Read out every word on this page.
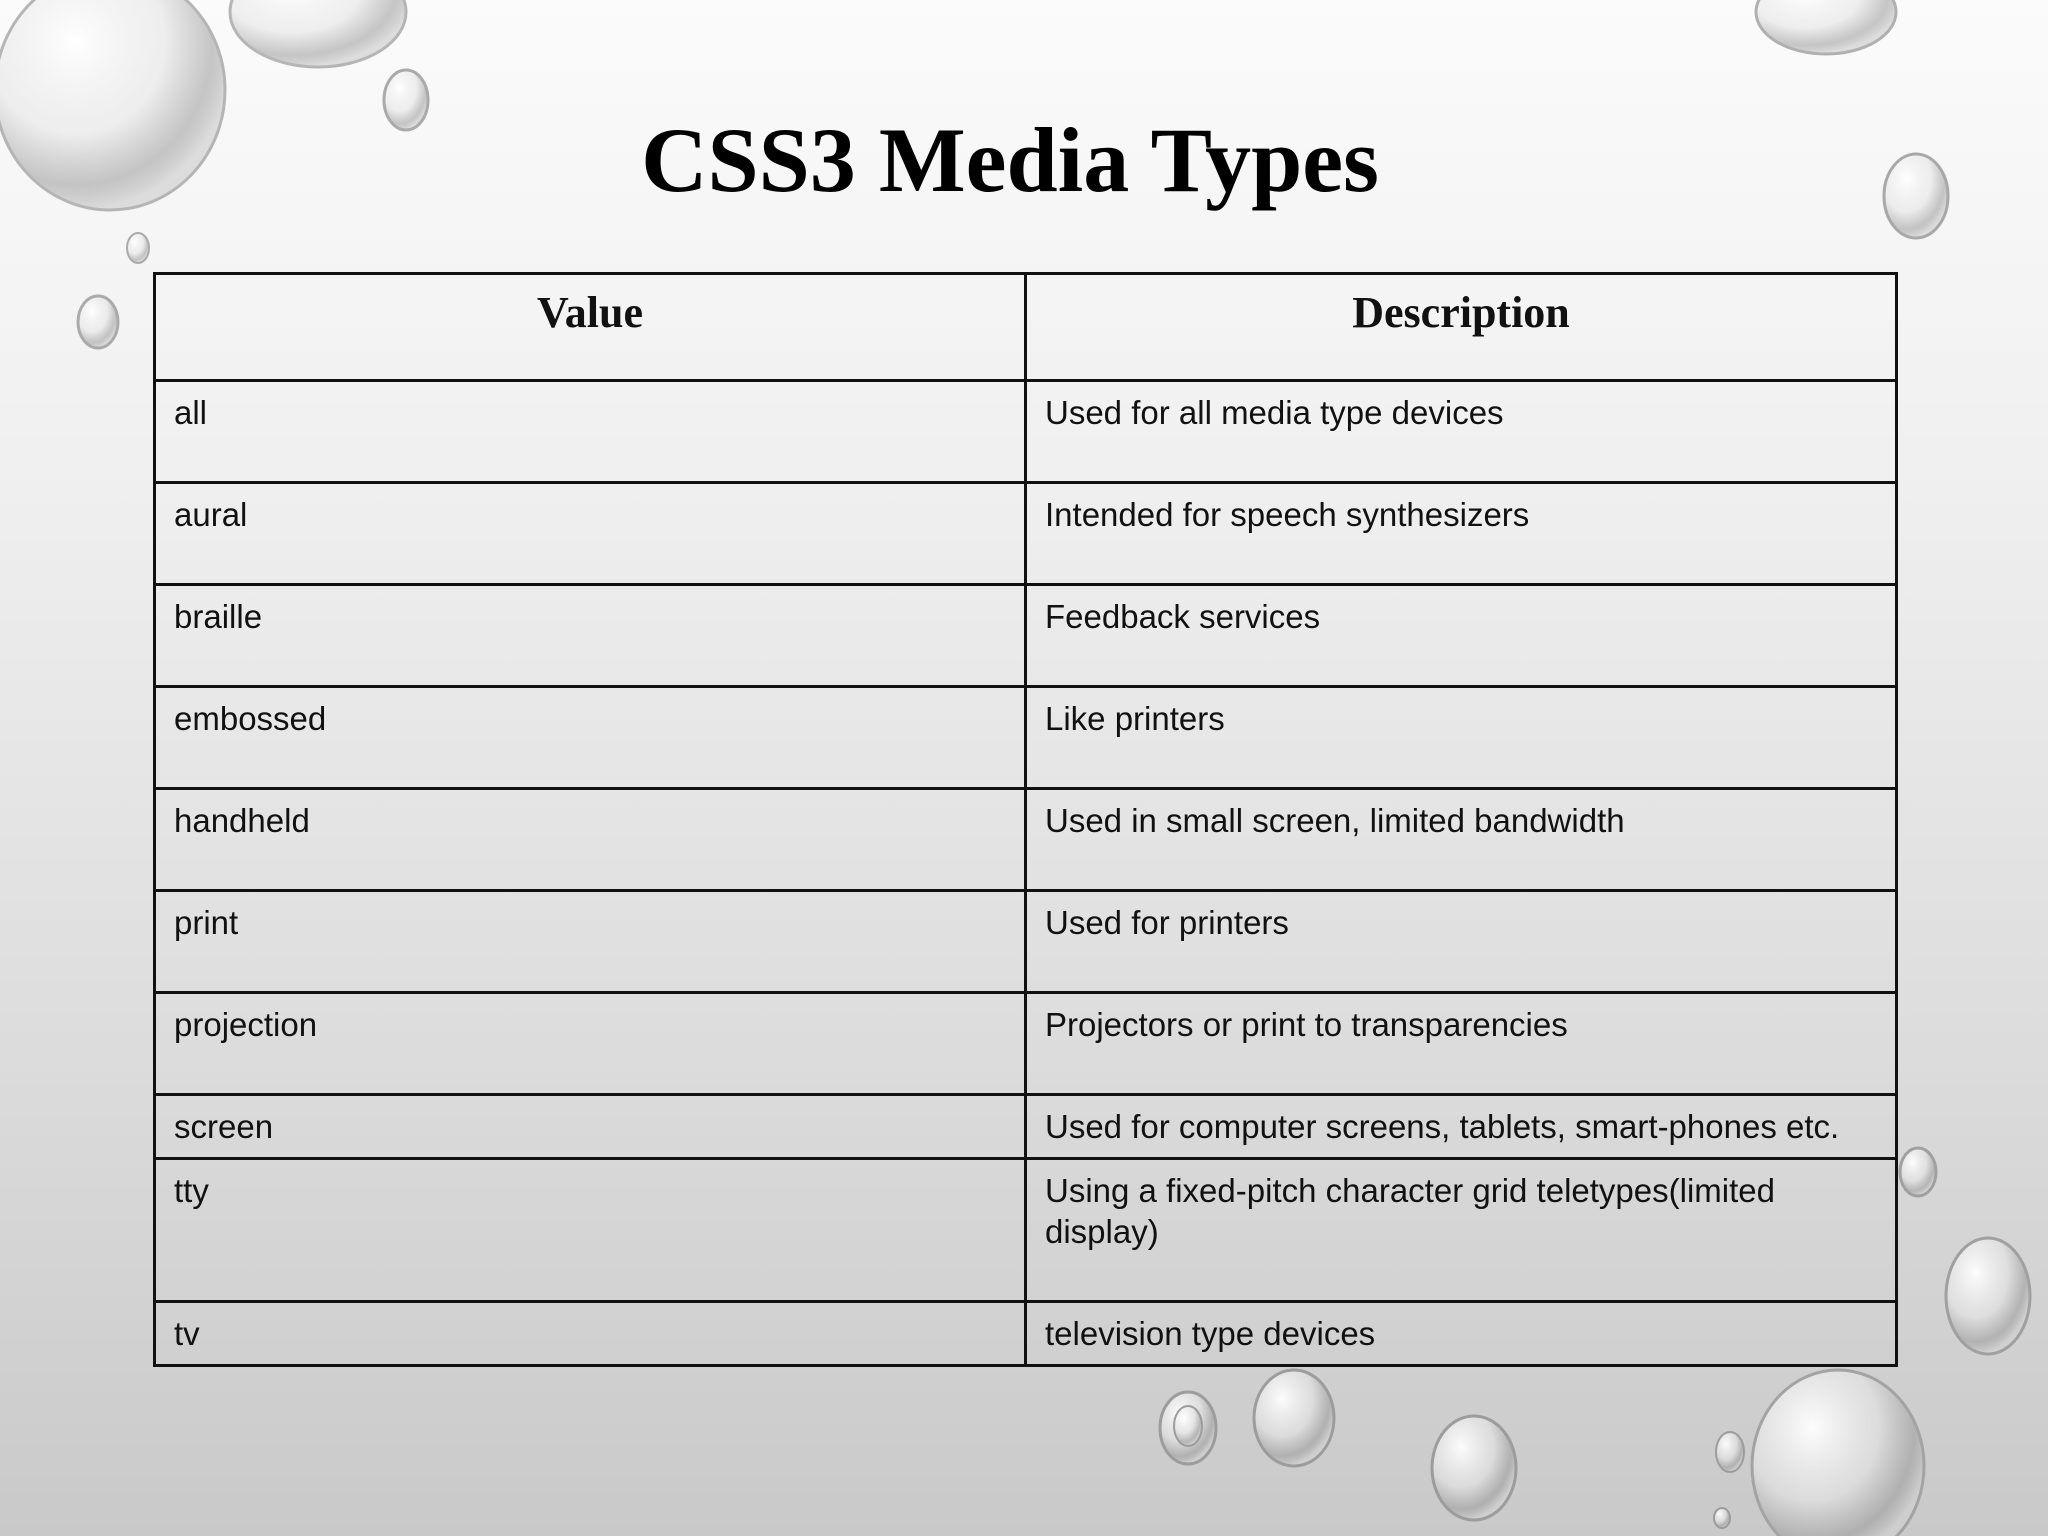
CSS3 Media Types
Value	Description
all	Used for all media type devices
aural	Intended for speech synthesizers
braille	Feedback services
embossed	Like printers
handheld	Used in small screen, limited bandwidth
print	Used for printers
projection	Projectors or print to transparencies
screen	Used for computer screens, tablets, smart-phones etc.
tty	Using a fixed-pitch character grid teletypes(limited display)
tv	television type devices
